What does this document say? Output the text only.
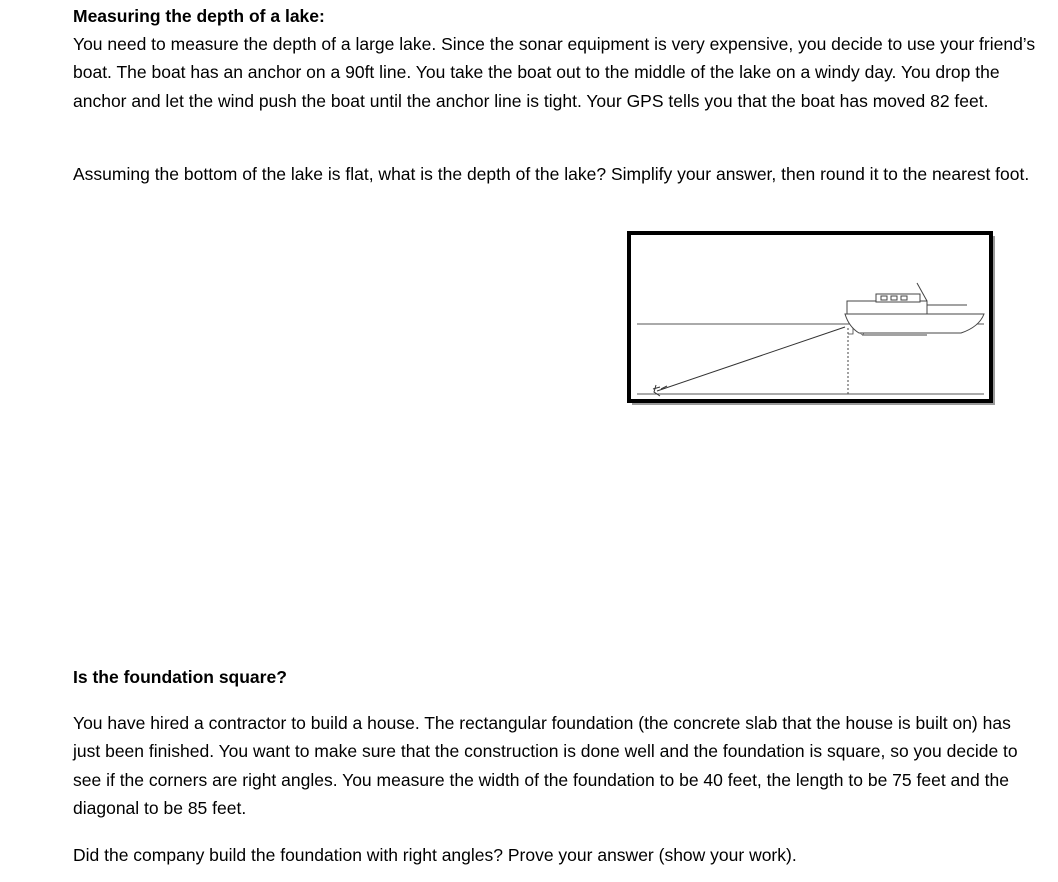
Measuring the depth of a lake:

You need to measure the depth of a large lake. Since the sonar equipment is very expensive, you decide to use your friend’s boat. The boat has an anchor on a 90ft line. You take the boat out to the middle of the lake on a windy day. You drop the anchor and let the wind push the boat until the anchor line is tight. Your GPS tells you that the boat has moved 82 feet.

Assuming the bottom of the lake is flat, what is the depth of the lake? Simplify your answer, then round it to the nearest foot.

Is the foundation square?

You have hired a contractor to build a house. The rectangular foundation (the concrete slab that the house is built on) has just been finished. You want to make sure that the construction is done well and the foundation is square, so you decide to see if the corners are right angles. You measure the width of the foundation to be 40 feet, the length to be 75 feet and the diagonal to be 85 feet.

Did the company build the foundation with right angles? Prove your answer (show your work).
